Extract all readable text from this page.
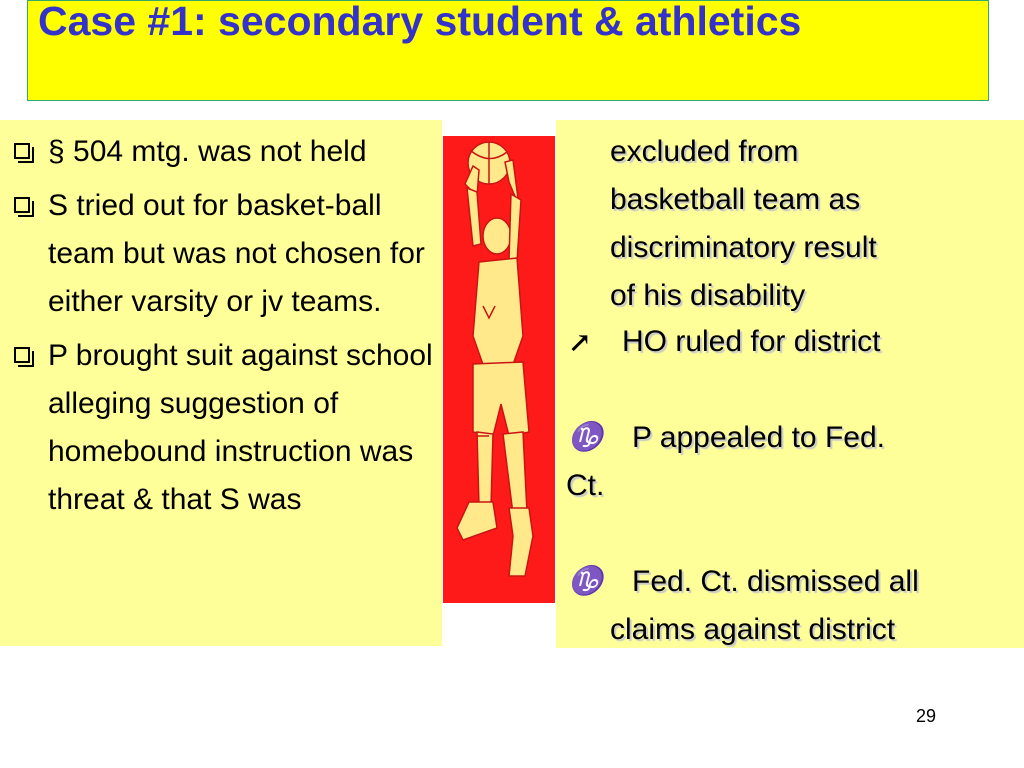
Case #1: secondary student & athletics
§ 504 mtg. was not held
S tried out for basket-ball team but was not chosen for either varsity or jv teams.
P brought suit against school alleging suggestion of homebound instruction was threat & that S was
excluded from
basketball team as
discriminatory result
of his disability
↗ HO ruled for district
♑ P appealed to Fed.
Ct.
♑ Fed. Ct. dismissed all
claims against district
29
